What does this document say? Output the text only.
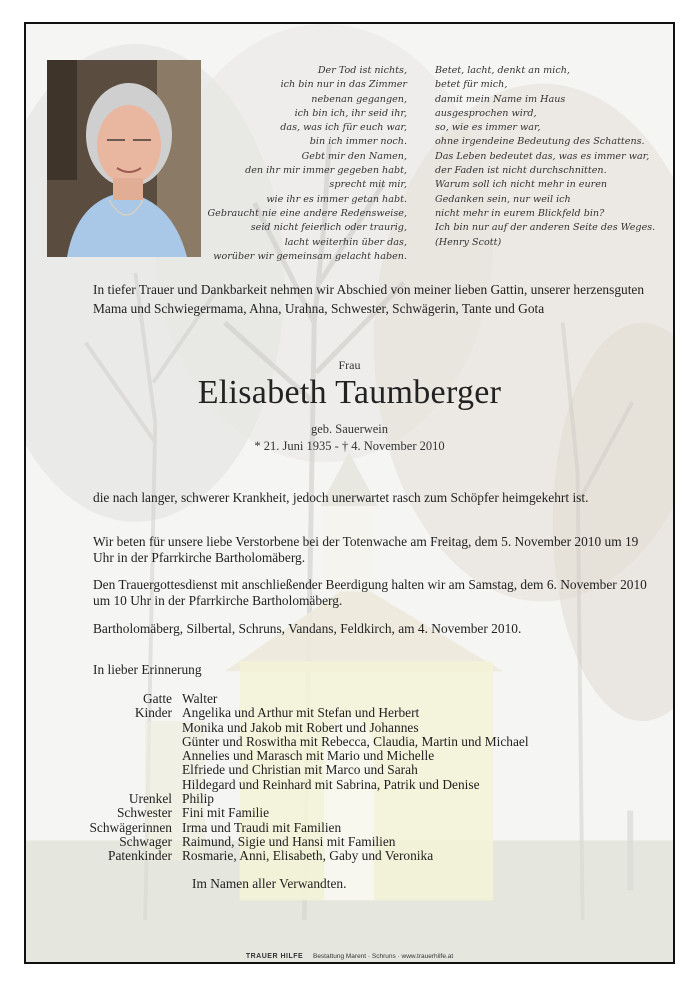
Der Tod ist nichts,
ich bin nur in das Zimmer
nebenan gegangen,
ich bin ich, ihr seid ihr,
das, was ich für euch war,
bin ich immer noch.
Gebt mir den Namen,
den ihr mir immer gegeben habt,
sprecht mit mir,
wie ihr es immer getan habt.
Gebraucht nie eine andere Redensweise,
seid nicht feierlich oder traurig,
lacht weiterhin über das,
worüber wir gemeinsam gelacht haben.
Betet, lacht, denkt an mich,
betet für mich,
damit mein Name im Haus
ausgesprochen wird,
so, wie es immer war,
ohne irgendeine Bedeutung des Schattens.
Das Leben bedeutet das, was es immer war,
der Faden ist nicht durchschnitten.
Warum soll ich nicht mehr in euren
Gedanken sein, nur weil ich
nicht mehr in eurem Blickfeld bin?
Ich bin nur auf der anderen Seite des Weges.
(Henry Scott)
In tiefer Trauer und Dankbarkeit nehmen wir Abschied von meiner lieben Gattin, unserer herzensguten Mama und Schwiegermama, Ahna, Urahna, Schwester, Schwägerin, Tante und Gota
Frau
Elisabeth Taumberger
geb. Sauerwein
* 21. Juni 1935 - † 4. November 2010
die nach langer, schwerer Krankheit, jedoch unerwartet rasch zum Schöpfer heimgekehrt ist.
Wir beten für unsere liebe Verstorbene bei der Totenwache am Freitag, dem 5. November 2010 um 19 Uhr in der Pfarrkirche Bartholomäberg.
Den Trauergottesdienst mit anschließender Beerdigung halten wir am Samstag, dem 6. November 2010 um 10 Uhr in der Pfarrkirche Bartholomäberg.
Bartholomäberg, Silbertal, Schruns, Vandans, Feldkirch, am 4. November 2010.
In lieber Erinnerung
Gatte Walter
Kinder Angelika und Arthur mit Stefan und Herbert
Monika und Jakob mit Robert und Johannes
Günter und Roswitha mit Rebecca, Claudia, Martin und Michael
Annelies und Marasch mit Mario und Michelle
Elfriede und Christian mit Marco und Sarah
Hildegard und Reinhard mit Sabrina, Patrik und Denise
Urenkel Philip
Schwester Fini mit Familie
Schwägerinnen Irma und Traudi mit Familien
Schwager Raimund, Sigie und Hansi mit Familien
Patenkinder Rosmarie, Anni, Elisabeth, Gaby und Veronika
Im Namen aller Verwandten.
TRAUER HILFE Bestattung Marent · Schruns · www.trauerhilfe.at
